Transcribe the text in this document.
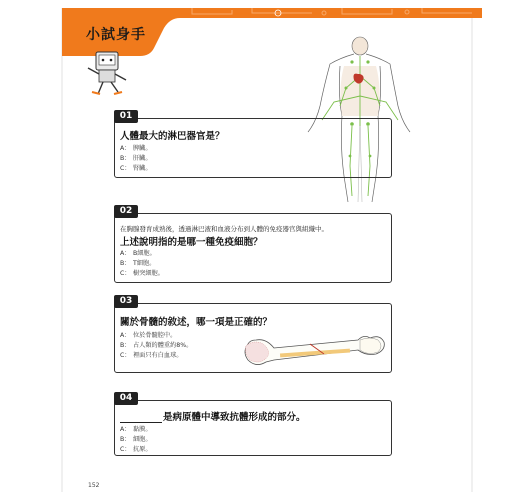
小試身手
01
人體最大的淋巴器官是？
A： 脾臟。
B： 肝臟。
C： 腎臟。
02
在胸腺發育成熟後，透過淋巴液和血液分布到人體的免疫器官與組織中。
上述說明指的是哪一種免疫細胞？
A： B細胞。
B： T細胞。
C： 樹突細胞。
03
關於骨髓的敘述，哪一項是正確的？
A： 位於骨髓腔中。
B： 占人類的體重約8%。
C： 裡面只有白血球。
04
是病原體中導致抗體形成的部分。
A： 黏膜。
B： 細胞。
C： 抗原。
152
